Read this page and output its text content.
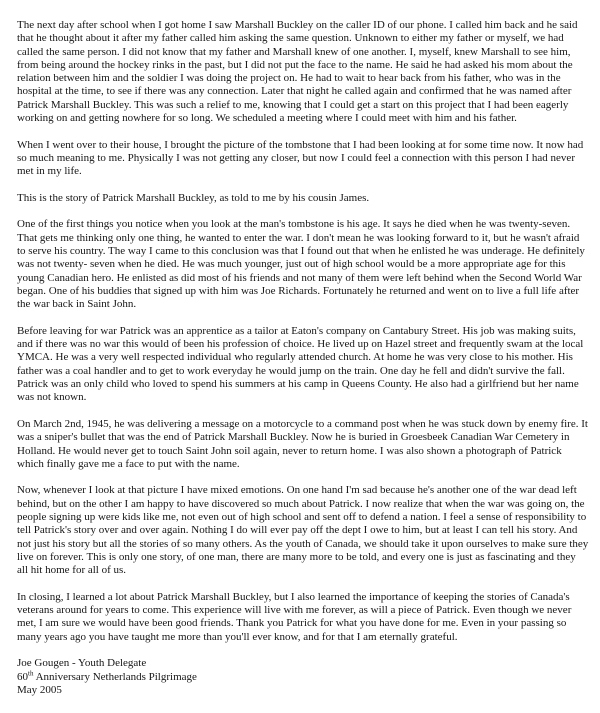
The next day after school when I got home I saw Marshall Buckley on the caller ID of our phone. I called him back and he said that he thought about it after my father called him asking the same question. Unknown to either my father or myself, we had called the same person. I did not know that my father and Marshall knew of one another. I, myself, knew Marshall to see him, from being around the hockey rinks in the past, but I did not put the face to the name. He said he had asked his mom about the relation between him and the soldier I was doing the project on. He had to wait to hear back from his father, who was in the hospital at the time, to see if there was any connection. Later that night he called again and confirmed that he was named after Patrick Marshall Buckley. This was such a relief to me, knowing that I could get a start on this project that I had been eagerly working on and getting nowhere for so long. We scheduled a meeting where I could meet with him and his father.

When I went over to their house, I brought the picture of the tombstone that I had been looking at for some time now. It now had so much meaning to me. Physically I was not getting any closer, but now I could feel a connection with this person I had never met in my life.

This is the story of Patrick Marshall Buckley, as told to me by his cousin James.

One of the first things you notice when you look at the man's tombstone is his age. It says he died when he was twenty-seven. That gets me thinking only one thing, he wanted to enter the war. I don't mean he was looking forward to it, but he wasn't afraid to serve his country. The way I came to this conclusion was that I found out that when he enlisted he was underage. He definitely was not twenty- seven when he died. He was much younger, just out of high school would be a more appropriate age for this young Canadian hero. He enlisted as did most of his friends and not many of them were left behind when the Second World War began. One of his buddies that signed up with him was Joe Richards. Fortunately he returned and went on to live a full life after the war back in Saint John.

Before leaving for war Patrick was an apprentice as a tailor at Eaton's company on Cantabury Street. His job was making suits, and if there was no war this would of been his profession of choice. He lived up on Hazel street and frequently swam at the local YMCA. He was a very well respected individual who regularly attended church. At home he was very close to his mother. His father was a coal handler and to get to work everyday he would jump on the train. One day he fell and didn't survive the fall. Patrick was an only child who loved to spend his summers at his camp in Queens County. He also had a girlfriend but her name was not known.

On March 2nd, 1945, he was delivering a message on a motorcycle to a command post when he was stuck down by enemy fire. It was a sniper's bullet that was the end of Patrick Marshall Buckley. Now he is buried in Groesbeek Canadian War Cemetery in Holland. He would never get to touch Saint John soil again, never to return home. I was also shown a photograph of Patrick which finally gave me a face to put with the name.

Now, whenever I look at that picture I have mixed emotions. On one hand I'm sad because he's another one of the war dead left behind, but on the other I am happy to have discovered so much about Patrick. I now realize that when the war was going on, the people signing up were kids like me, not even out of high school and sent off to defend a nation. I feel a sense of responsibility to tell Patrick's story over and over again. Nothing I do will ever pay off the dept I owe to him, but at least I can tell his story. And not just his story but all the stories of so many others. As the youth of Canada, we should take it upon ourselves to make sure they live on forever. This is only one story, of one man, there are many more to be told, and every one is just as fascinating and they all hit home for all of us.

In closing, I learned a lot about Patrick Marshall Buckley, but I also learned the importance of keeping the stories of Canada's veterans around for years to come. This experience will live with me forever, as will a piece of Patrick. Even though we never met, I am sure we would have been good friends. Thank you Patrick for what you have done for me. Even in your passing so many years ago you have taught me more than you'll ever know, and for that I am eternally grateful.

Joe Gougen - Youth Delegate
60th Anniversary Netherlands Pilgrimage
May 2005
